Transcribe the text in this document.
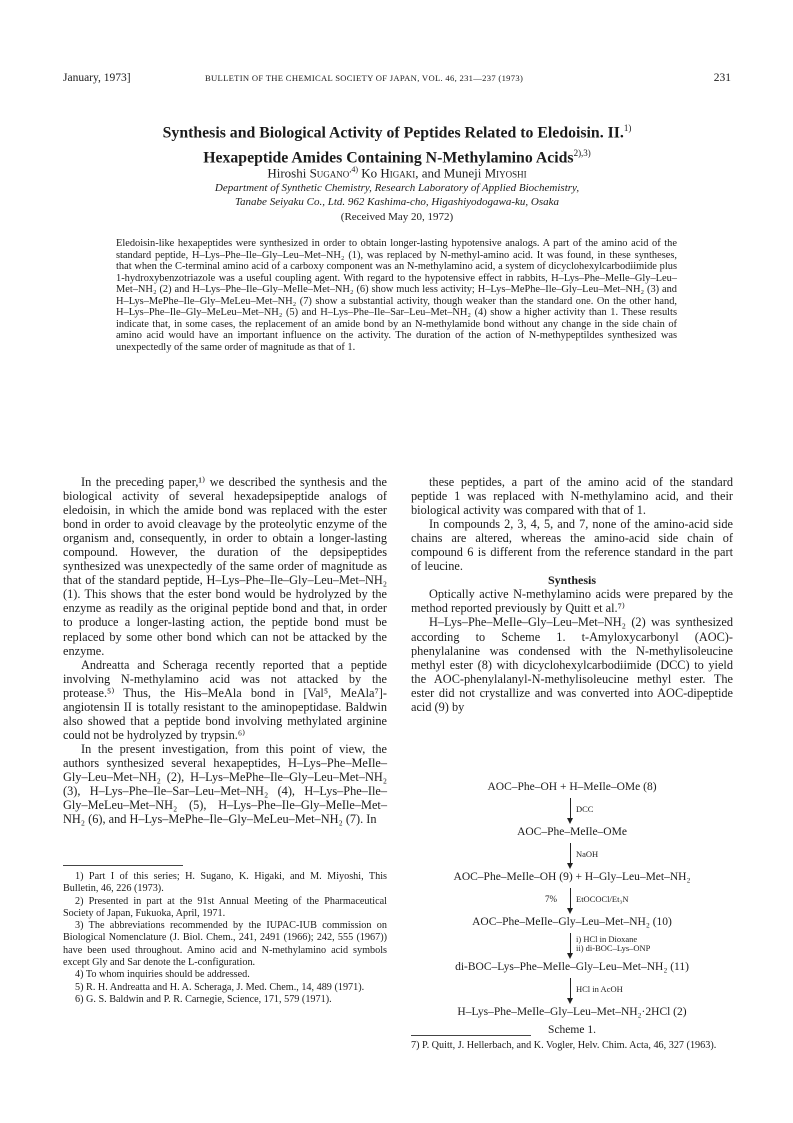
January, 1973]	BULLETIN OF THE CHEMICAL SOCIETY OF JAPAN, VOL. 46, 231—237 (1973)	231
Synthesis and Biological Activity of Peptides Related to Eledoisin. II.$^{1)}$
Hexapeptide Amides Containing N-Methylamino Acids$^{2),3)}$
Hiroshi Sugano$^{,4)}$ Ko Higaki, and Muneji Miyoshi
Department of Synthetic Chemistry, Research Laboratory of Applied Biochemistry,
Tanabe Seiyaku Co., Ltd. 962 Kashima-cho, Higashiyodogawa-ku, Osaka
(Received May 20, 1972)
Eledoisin-like hexapeptides were synthesized in order to obtain longer-lasting hypotensive analogs. A part of the amino acid of the standard peptide, H–Lys–Phe–Ile–Gly–Leu–Met–NH₂ (1), was replaced by N-methyl-amino acid. It was found, in these syntheses, that when the C-terminal amino acid of a carboxy component was an N-methylamino acid, a system of dicyclohexylcarbodiimide plus 1-hydroxybenzotriazole was a useful coupling agent. With regard to the hypotensive effect in rabbits, H–Lys–Phe–MeIle–Gly–Leu–Met–NH₂ (2) and H–Lys–Phe–Ile–Gly–MeIle–Met–NH₂ (6) show much less activity; H–Lys–MePhe–Ile–Gly–Leu–Met–NH₂ (3) and H–Lys–MePhe–Ile–Gly–MeLeu–Met–NH₂ (7) show a substantial activity, though weaker than the standard one. On the other hand, H–Lys–Phe–Ile–Gly–MeLeu–Met–NH₂ (5) and H–Lys–Phe–Ile–Sar–Leu–Met–NH₂ (4) show a higher activity than 1. These results indicate that, in some cases, the replacement of an amide bond by an N-methylamide bond without any change in the side chain of amino acid would have an important influence on the activity. The duration of the action of N-methypeptildes synthesized was unexpectedly of the same order of magnitude as that of 1.

In the preceding paper,¹⁾ we described the synthesis and the biological activity of several hexadepsipeptide analogs of eledoisin, in which the amide bond was replaced with the ester bond in order to avoid cleavage by the proteolytic enzyme of the organism and, consequently, in order to obtain a longer-lasting compound. However, the duration of the depsipeptides synthesized was unexpectedly of the same order of magnitude as that of the standard peptide, H–Lys–Phe–Ile–Gly–Leu–Met–NH₂ (1). This shows that the ester bond would be hydrolyzed by the enzyme as readily as the original peptide bond and that, in order to produce a longer-lasting action, the peptide bond must be replaced by some other bond which can not be attacked by the enzyme.

Andreatta and Scheraga recently reported that a peptide involving N-methylamino acid was not attacked by the protease.⁵⁾ Thus, the His–MeAla bond in [Val⁵, MeAla⁷]-angiotensin II is totally resistant to the aminopeptidase. Baldwin also showed that a peptide bond involving methylated arginine could not be hydrolyzed by trypsin.⁶⁾

In the present investigation, from this point of view, the authors synthesized several hexapeptides, H–Lys–Phe–MeIle–Gly–Leu–Met–NH₂ (2), H–Lys–MePhe–Ile–Gly–Leu–Met–NH₂ (3), H–Lys–Phe–Ile–Sar–Leu–Met–NH₂ (4), H–Lys–Phe–Ile–Gly–MeLeu–Met–NH₂ (5), H–Lys–Phe–Ile–Gly–MeIle–Met–NH₂ (6), and H–Lys–MePhe–Ile–Gly–MeLeu–Met–NH₂ (7). In

1) Part I of this series; H. Sugano, K. Higaki, and M. Miyoshi, This Bulletin, 46, 226 (1973).
2) Presented in part at the 91st Annual Meeting of the Pharmaceutical Society of Japan, Fukuoka, April, 1971.
3) The abbreviations recommended by the IUPAC-IUB commission on Biological Nomenclature (J. Biol. Chem., 241, 2491 (1966); 242, 555 (1967)) have been used throughout. Amino acid and N-methylamino acid symbols except Gly and Sar denote the L-configuration.
4) To whom inquiries should be addressed.
5) R. H. Andreatta and H. A. Scheraga, J. Med. Chem., 14, 489 (1971).
6) G. S. Baldwin and P. R. Carnegie, Science, 171, 579 (1971).

these peptides, a part of the amino acid of the standard peptide 1 was replaced with N-methylamino acid, and their biological activity was compared with that of 1.

In compounds 2, 3, 4, 5, and 7, none of the amino-acid side chains are altered, whereas the amino-acid side chain of compound 6 is different from the reference standard in the part of leucine.

Synthesis

Optically active N-methylamino acids were prepared by the method reported previously by Quitt et al.⁷⁾

H–Lys–Phe–MeIle–Gly–Leu–Met–NH₂ (2) was synthesized according to Scheme 1. t-Amyloxycarbonyl (AOC)-phenylalanine was condensed with the N-methylisoleucine methyl ester (8) with dicyclohexylcarbodiimide (DCC) to yield the AOC-phenylalanyl-N-methylisoleucine methyl ester. The ester did not crystallize and was converted into AOC-dipeptide acid (9) by

AOC–Phe–OH + H–MeIle–OMe (8)
DCC
AOC–Phe–MeIle–OMe
NaOH
AOC–Phe–MeIle–OH (9) + H–Gly–Leu–Met–NH₂
7% EtOCOCl/Et₃N
AOC–Phe–MeIle–Gly–Leu–Met–NH₂ (10)
i) HCl in Dioxane
ii) di-BOC–Lys–ONP
di-BOC–Lys–Phe–MeIle–Gly–Leu–Met–NH₂ (11)
HCl in AcOH
H–Lys–Phe–MeIle–Gly–Leu–Met–NH₂·2HCl (2)
Scheme 1.
7) P. Quitt, J. Hellerbach, and K. Vogler, Helv. Chim. Acta, 46, 327 (1963).
